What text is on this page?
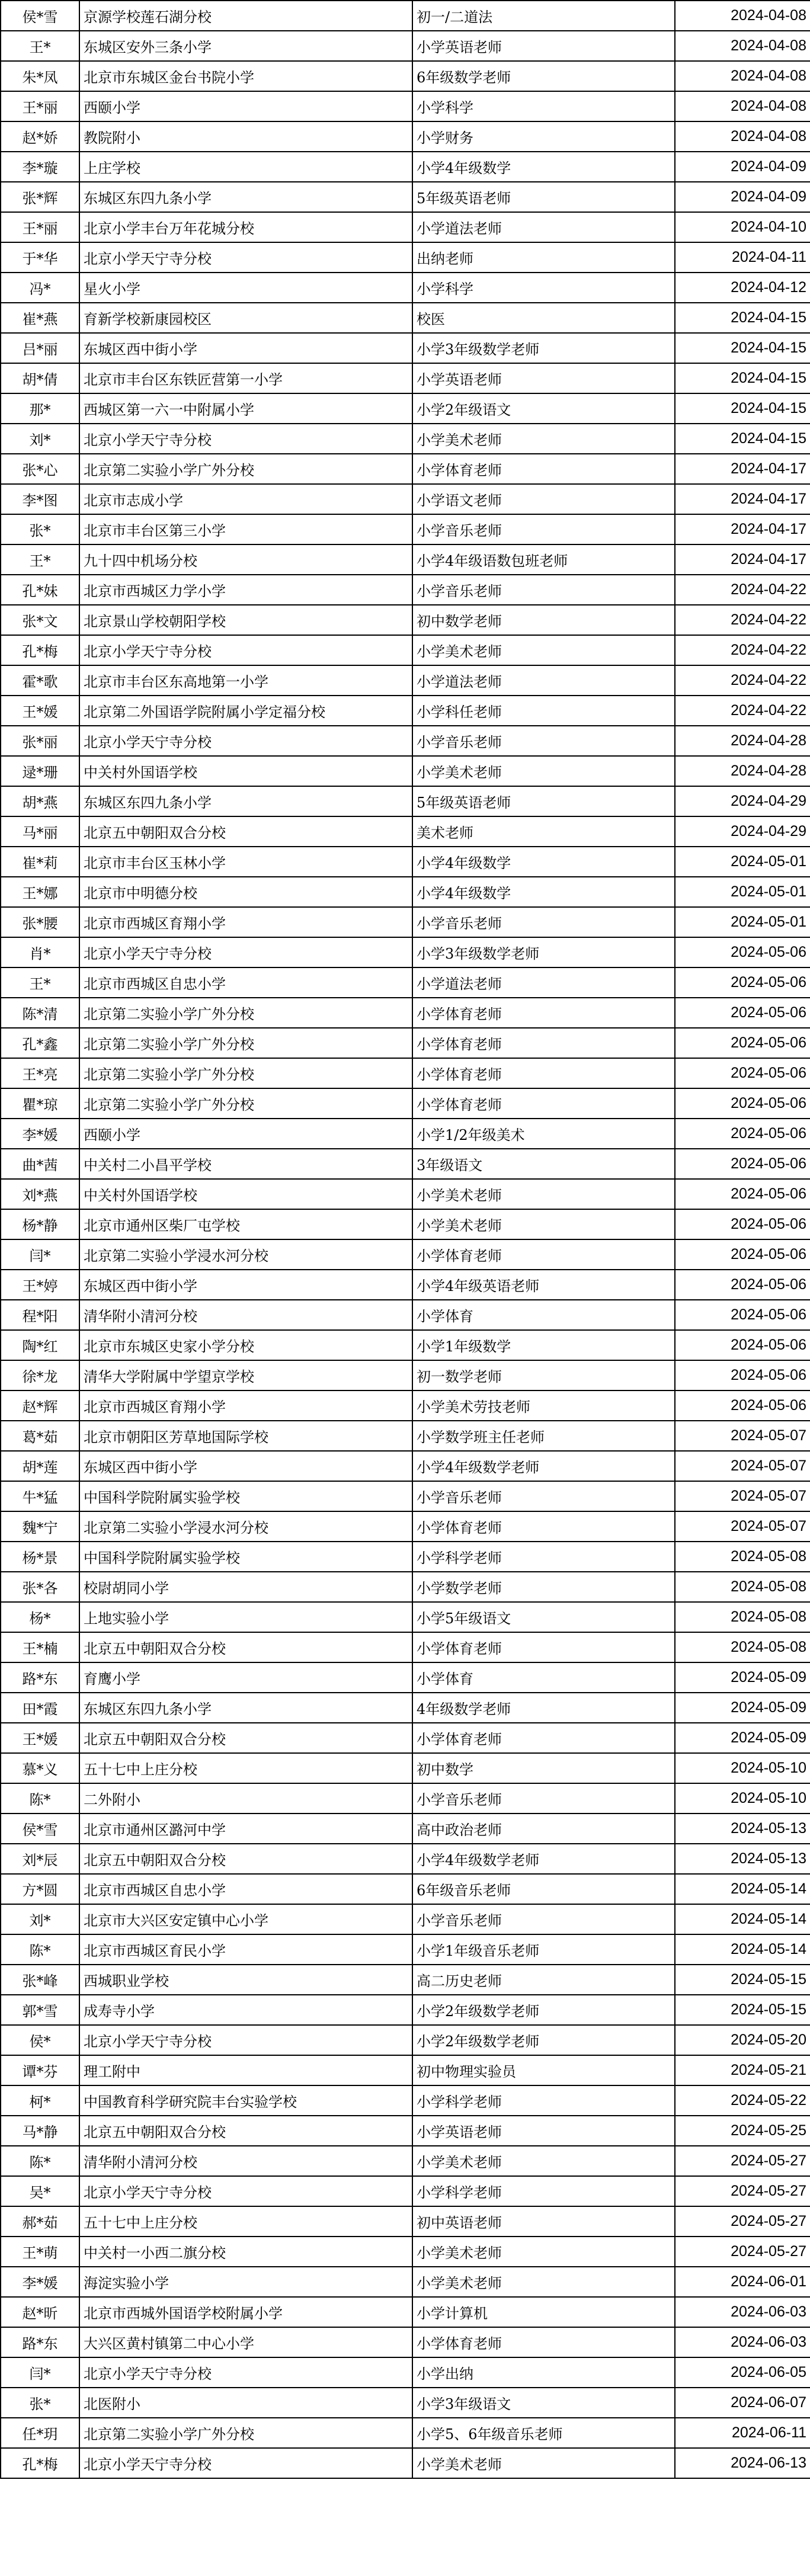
侯*雪	京源学校莲石湖分校	初一/二道法	2024-04-08
王*	东城区安外三条小学	小学英语老师	2024-04-08
朱*凤	北京市东城区金台书院小学	6年级数学老师	2024-04-08
王*丽	西颐小学	小学科学	2024-04-08
赵*娇	教院附小	小学财务	2024-04-08
李*璇	上庄学校	小学4年级数学	2024-04-09
张*辉	东城区东四九条小学	5年级英语老师	2024-04-09
王*丽	北京小学丰台万年花城分校	小学道法老师	2024-04-10
于*华	北京小学天宁寺分校	出纳老师	2024-04-11
冯*	星火小学	小学科学	2024-04-12
崔*燕	育新学校新康园校区	校医	2024-04-15
吕*丽	东城区西中街小学	小学3年级数学老师	2024-04-15
胡*倩	北京市丰台区东铁匠营第一小学	小学英语老师	2024-04-15
那*	西城区第一六一中附属小学	小学2年级语文	2024-04-15
刘*	北京小学天宁寺分校	小学美术老师	2024-04-15
张*心	北京第二实验小学广外分校	小学体育老师	2024-04-17
李*图	北京市志成小学	小学语文老师	2024-04-17
张*	北京市丰台区第三小学	小学音乐老师	2024-04-17
王*	九十四中机场分校	小学4年级语数包班老师	2024-04-17
孔*妹	北京市西城区力学小学	小学音乐老师	2024-04-22
张*文	北京景山学校朝阳学校	初中数学老师	2024-04-22
孔*梅	北京小学天宁寺分校	小学美术老师	2024-04-22
霍*歌	北京市丰台区东高地第一小学	小学道法老师	2024-04-22
王*媛	北京第二外国语学院附属小学定福分校	小学科任老师	2024-04-22
张*丽	北京小学天宁寺分校	小学音乐老师	2024-04-28
逯*珊	中关村外国语学校	小学美术老师	2024-04-28
胡*燕	东城区东四九条小学	5年级英语老师	2024-04-29
马*丽	北京五中朝阳双合分校	美术老师	2024-04-29
崔*莉	北京市丰台区玉林小学	小学4年级数学	2024-05-01
王*娜	北京市中明德分校	小学4年级数学	2024-05-01
张*腰	北京市西城区育翔小学	小学音乐老师	2024-05-01
肖*	北京小学天宁寺分校	小学3年级数学老师	2024-05-06
王*	北京市西城区自忠小学	小学道法老师	2024-05-06
陈*清	北京第二实验小学广外分校	小学体育老师	2024-05-06
孔*鑫	北京第二实验小学广外分校	小学体育老师	2024-05-06
王*亮	北京第二实验小学广外分校	小学体育老师	2024-05-06
瞿*琼	北京第二实验小学广外分校	小学体育老师	2024-05-06
李*媛	西颐小学	小学1/2年级美术	2024-05-06
曲*茜	中关村二小昌平学校	3年级语文	2024-05-06
刘*燕	中关村外国语学校	小学美术老师	2024-05-06
杨*静	北京市通州区柴厂屯学校	小学美术老师	2024-05-06
闫*	北京第二实验小学浸水河分校	小学体育老师	2024-05-06
王*婷	东城区西中街小学	小学4年级英语老师	2024-05-06
程*阳	清华附小清河分校	小学体育	2024-05-06
陶*红	北京市东城区史家小学分校	小学1年级数学	2024-05-06
徐*龙	清华大学附属中学望京学校	初一数学老师	2024-05-06
赵*辉	北京市西城区育翔小学	小学美术劳技老师	2024-05-06
葛*茹	北京市朝阳区芳草地国际学校	小学数学班主任老师	2024-05-07
胡*莲	东城区西中街小学	小学4年级数学老师	2024-05-07
牛*猛	中国科学院附属实验学校	小学音乐老师	2024-05-07
魏*宁	北京第二实验小学浸水河分校	小学体育老师	2024-05-07
杨*景	中国科学院附属实验学校	小学科学老师	2024-05-08
张*各	校尉胡同小学	小学数学老师	2024-05-08
杨*	上地实验小学	小学5年级语文	2024-05-08
王*楠	北京五中朝阳双合分校	小学体育老师	2024-05-08
路*东	育鹰小学	小学体育	2024-05-09
田*霞	东城区东四九条小学	4年级数学老师	2024-05-09
王*媛	北京五中朝阳双合分校	小学体育老师	2024-05-09
慕*义	五十七中上庄分校	初中数学	2024-05-10
陈*	二外附小	小学音乐老师	2024-05-10
侯*雪	北京市通州区潞河中学	高中政治老师	2024-05-13
刘*辰	北京五中朝阳双合分校	小学4年级数学老师	2024-05-13
方*圆	北京市西城区自忠小学	6年级音乐老师	2024-05-14
刘*	北京市大兴区安定镇中心小学	小学音乐老师	2024-05-14
陈*	北京市西城区育民小学	小学1年级音乐老师	2024-05-14
张*峰	西城职业学校	高二历史老师	2024-05-15
郭*雪	成寿寺小学	小学2年级数学老师	2024-05-15
侯*	北京小学天宁寺分校	小学2年级数学老师	2024-05-20
谭*芬	理工附中	初中物理实验员	2024-05-21
柯*	中国教育科学研究院丰台实验学校	小学科学老师	2024-05-22
马*静	北京五中朝阳双合分校	小学英语老师	2024-05-25
陈*	清华附小清河分校	小学美术老师	2024-05-27
吴*	北京小学天宁寺分校	小学科学老师	2024-05-27
郝*茹	五十七中上庄分校	初中英语老师	2024-05-27
王*萌	中关村一小西二旗分校	小学美术老师	2024-05-27
李*媛	海淀实验小学	小学美术老师	2024-06-01
赵*昕	北京市西城外国语学校附属小学	小学计算机	2024-06-03
路*东	大兴区黄村镇第二中心小学	小学体育老师	2024-06-03
闫*	北京小学天宁寺分校	小学出纳	2024-06-05
张*	北医附小	小学3年级语文	2024-06-07
任*玥	北京第二实验小学广外分校	小学5、6年级音乐老师	2024-06-11
孔*梅	北京小学天宁寺分校	小学美术老师	2024-06-13
